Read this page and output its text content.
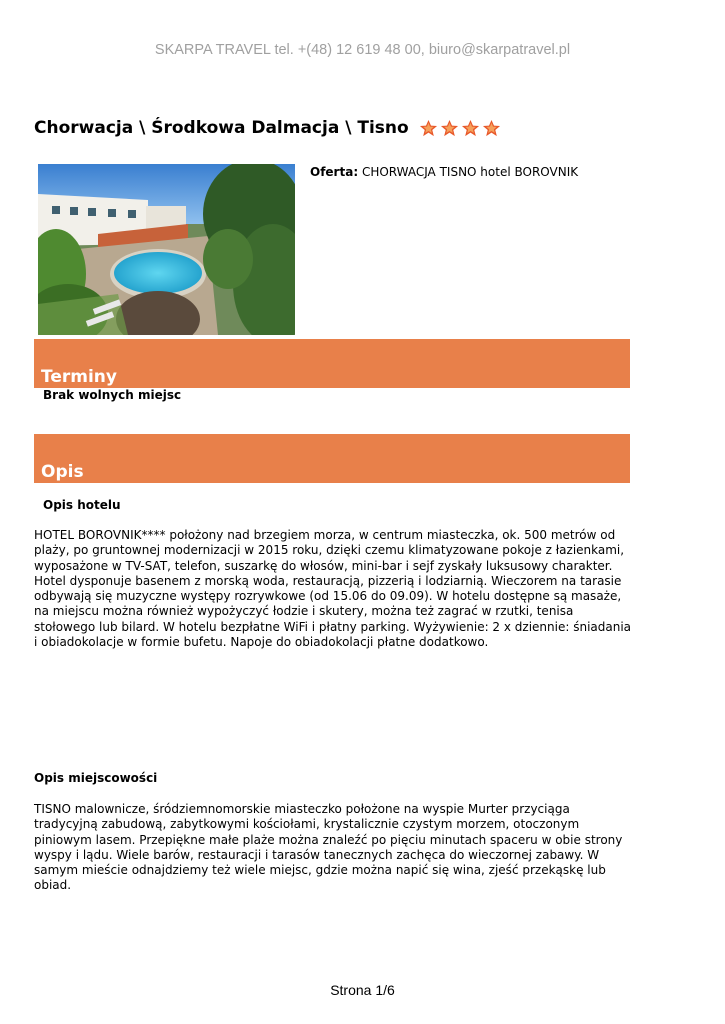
SKARPA TRAVEL tel. +(48) 12 619 48 00, biuro@skarpatravel.pl
Chorwacja \ Środkowa Dalmacja \ Tisno
Oferta: CHORWACJA TISNO hotel BOROVNIK
Terminy
Brak wolnych miejsc
Opis
Opis hotelu
HOTEL BOROVNIK**** położony nad brzegiem morza, w centrum miasteczka, ok. 500 metrów od plaży, po gruntownej modernizacji w 2015 roku, dzięki czemu klimatyzowane pokoje z łazienkami, wyposażone w TV-SAT, telefon, suszarkę do włosów, mini-bar i sejf zyskały luksusowy charakter. Hotel dysponuje basenem z morską woda, restauracją, pizzerią i lodziarnią. Wieczorem na tarasie odbywają się muzyczne występy rozrywkowe (od 15.06 do 09.09). W hotelu dostępne są masaże, na miejscu można również wypożyczyć łodzie i skutery, można też zagrać w rzutki, tenisa stołowego lub bilard. W hotelu bezpłatne WiFi i płatny parking. Wyżywienie: 2 x dziennie: śniadania i obiadokolacje w formie bufetu. Napoje do obiadokolacji płatne dodatkowo.
Opis miejscowości
TISNO malownicze, śródziemnomorskie miasteczko położone na wyspie Murter przyciąga tradycyjną zabudową, zabytkowymi kościołami, krystalicznie czystym morzem, otoczonym piniowym lasem. Przepiękne małe plaże można znaleźć po pięciu minutach spaceru w obie strony wyspy i lądu. Wiele barów, restauracji i tarasów tanecznych zachęca do wieczornej zabawy. W samym mieście odnajdziemy też wiele miejsc, gdzie można napić się wina, zjeść przekąskę lub obiad.
Strona 1/6
